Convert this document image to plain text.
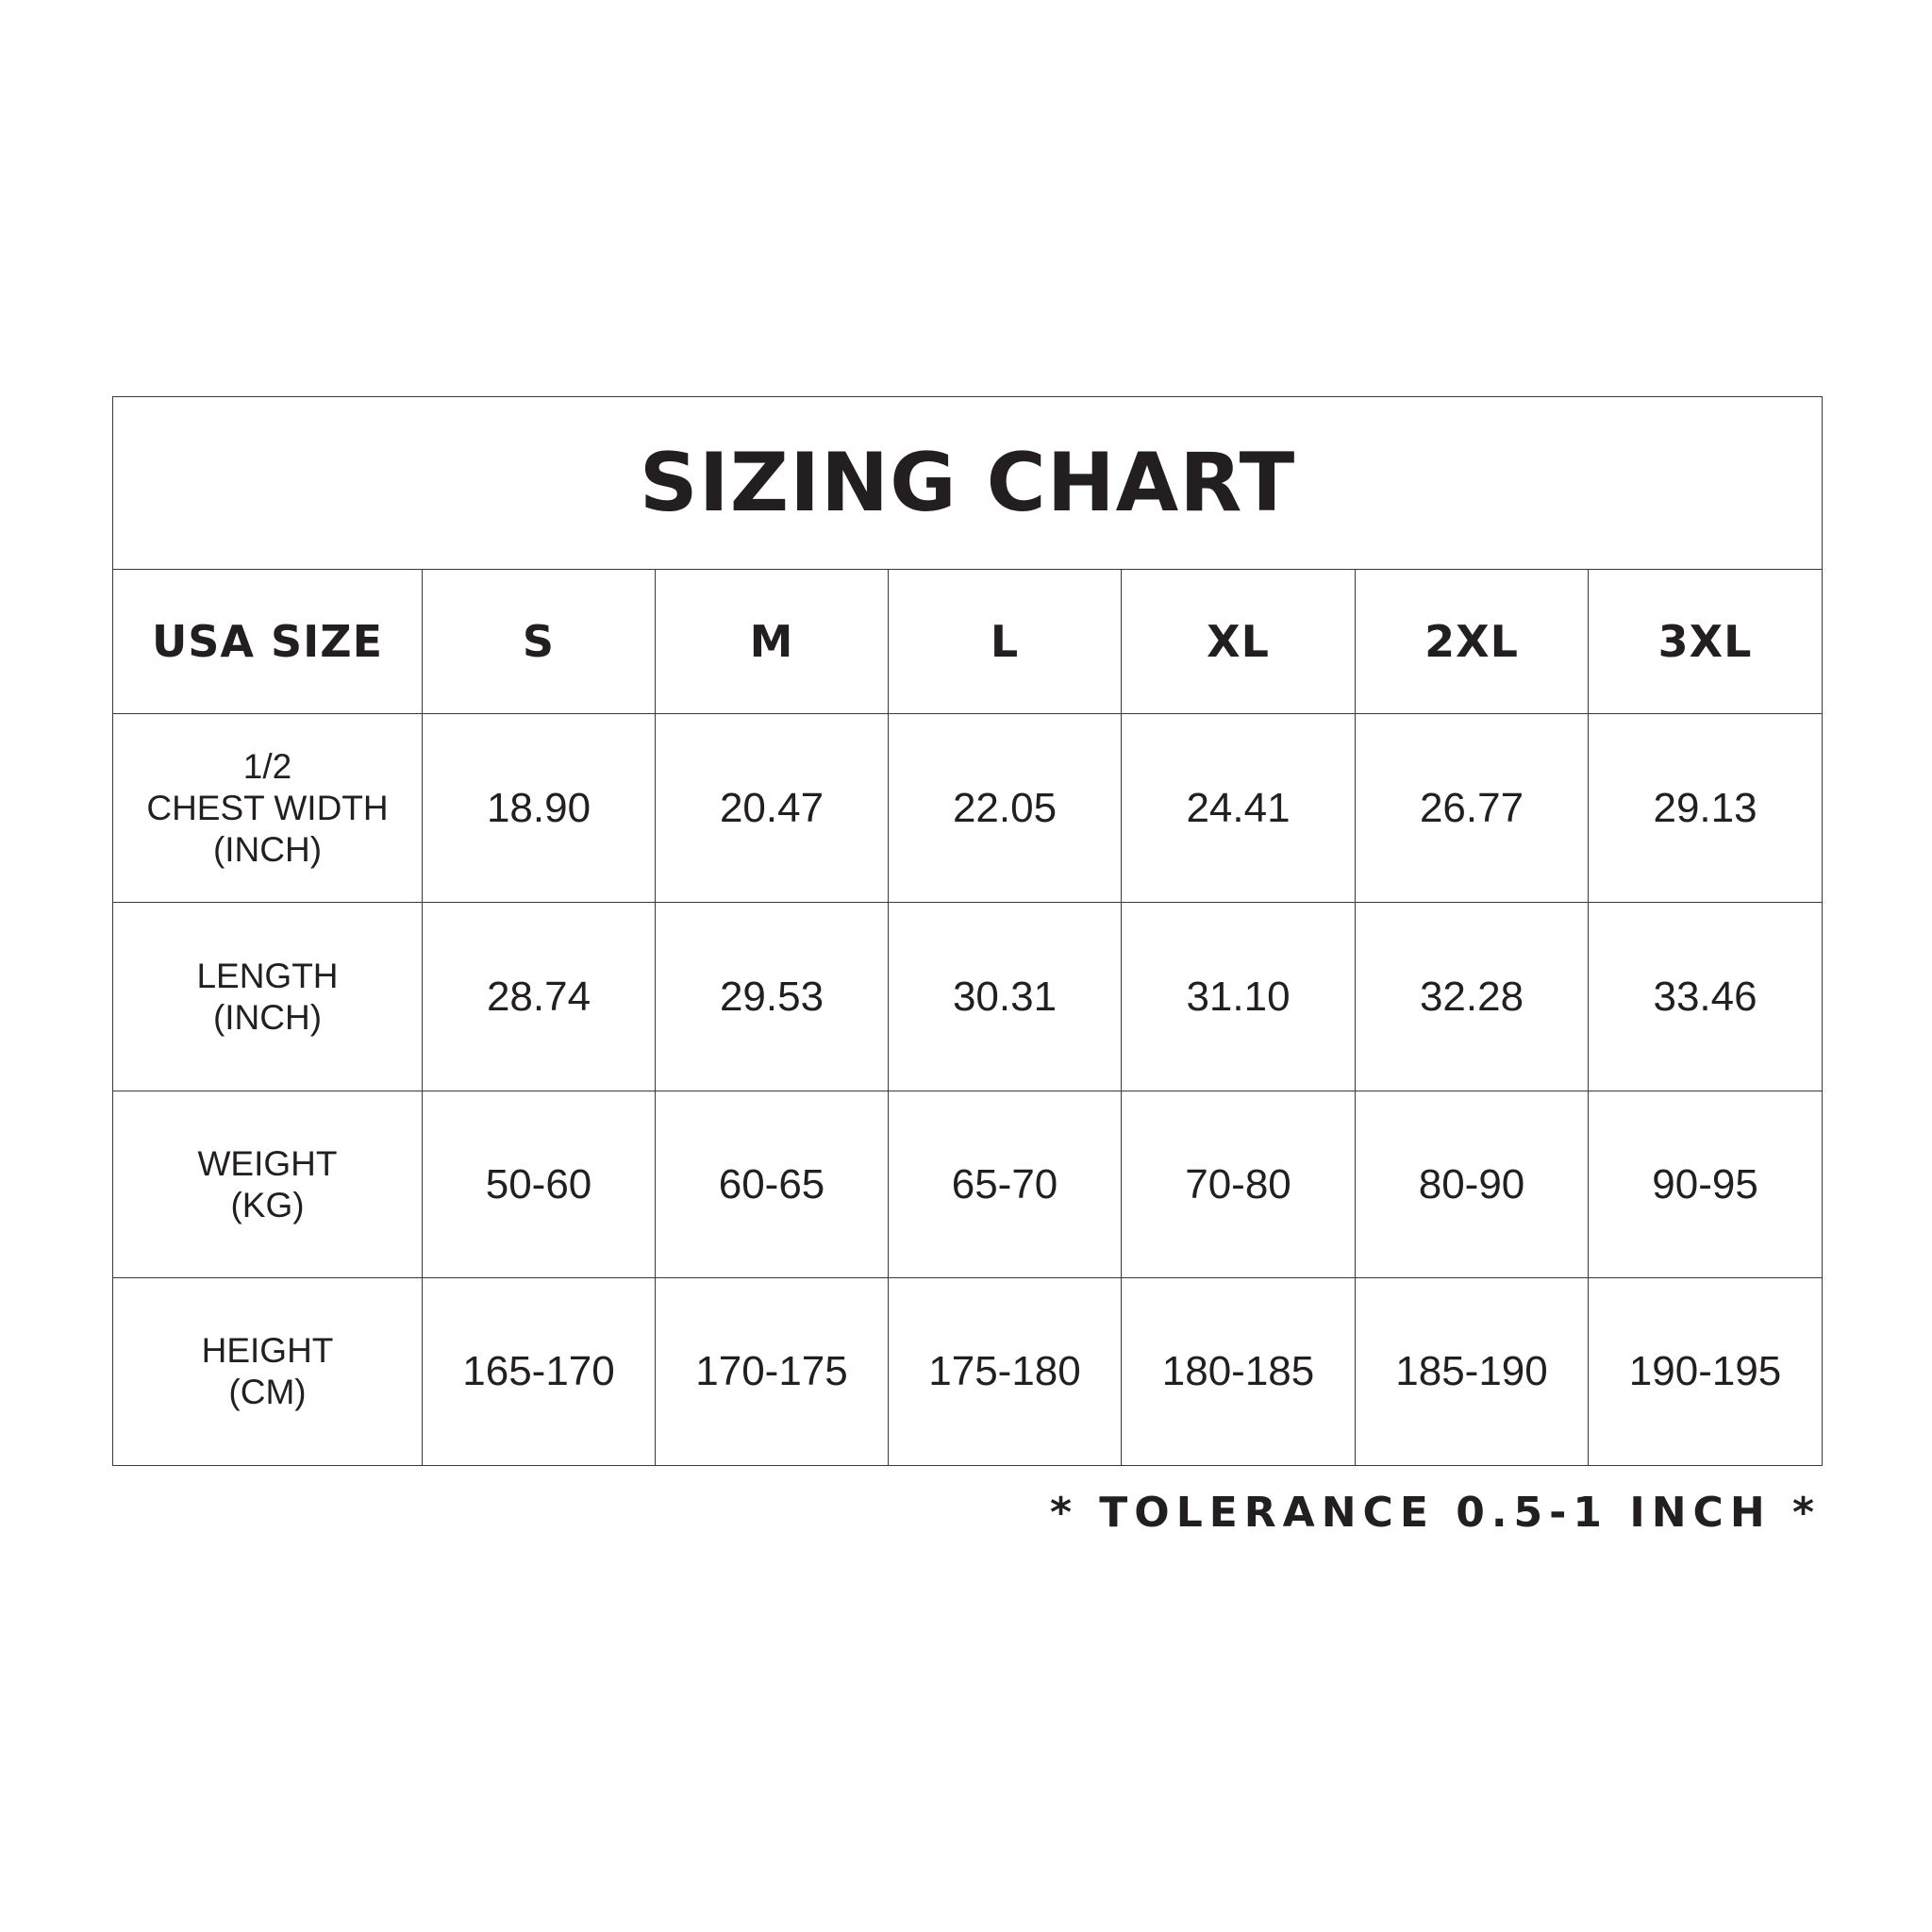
SIZING CHART						
USA SIZE	S	M	L	XL	2XL	3XL

1/2
CHEST WIDTH
(INCH)	18.90	20.47	22.05	24.41	26.77	29.13

LENGTH
(INCH)	28.74	29.53	30.31	31.10	32.28	33.46

WEIGHT
(KG)	50-60	60-65	65-70	70-80	80-90	90-95

HEIGHT
(CM)	165-170	170-175	175-180	180-185	185-190	190-195
* TOLERANCE 0.5-1 INCH *
